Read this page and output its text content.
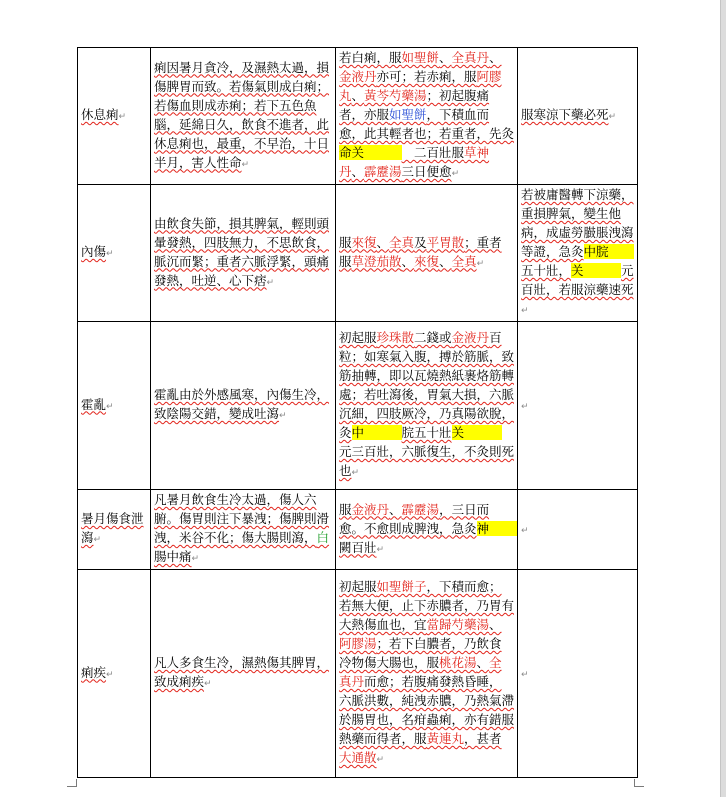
休息痢↵	痢因暑月貪冷，及濕熱太過，損傷脾胃而致。若傷氣則成白痢；若傷血則成赤痢；若下五色魚腦，延綿日久，飲食不進者，此休息痢也，最重，不早治，十日半月，害人性命↵	若白痢，服如聖餅、全真丹、金液丹亦可；若赤痢，服阿膠丸、黃芩芍藥湯；初起腹痛者，亦服如聖餅，下積血而愈，此其輕者也；若重者，先灸命关　　　 　二百壯服草神丹、霹靂湯三日便愈↵	服寒涼下藥必死↵
內傷↵	由飲食失節，損其脾氣，輕則頭暈發熱，四肢無力，不思飲食，脈沉而緊；重者六脈浮緊，頭痛發熱，吐逆、心下痞↵	服來復、全真及平胃散；重者服草澄茄散、來復、全真↵	若被庸醫轉下涼藥，重損脾氣，變生他病，成虛勞臌脹洩瀉等證，急灸中脘　　五十壯，关　　　 元百壯，若服涼藥速死↵
霍亂↵	霍亂由於外感風寒，內傷生冷，致陰陽交錯，變成吐瀉↵	初起服珍珠散二錢或金液丹百粒；如寒氣入腹，搏於筋脈，致筋抽轉，即以瓦燒熱紙裹烙筋轉處；若吐瀉後，胃氣大損，六脈沉細，四肢厥冷，乃真陽欲脫，灸中　　　 脘五十壯关　　　元三百壯，六脈復生，不灸則死也↵	↵
暑月傷食泄瀉↵	凡暑月飲食生冷太過，傷人六腑。傷胃則注下暴洩；傷脾則滑洩，米谷不化；傷大腸則瀉，白腸中痛↵	服金液丹、霹靂湯，三日而愈。不愈則成脾洩，急灸神　　　闕百壯↵	↵
痢疾↵	凡人多食生冷，濕熱傷其脾胃，致成痢疾↵	初起服如聖餅子，下積而愈；若無大便，止下赤膿者，乃胃有大熱傷血也，宜當歸芍藥湯、阿膠湯；若下白膿者，乃飲食冷物傷大腸也，服桃花湯、全真丹而愈；若腹痛發熱昏睡，六脈洪數，純洩赤膿，乃熱氣滯於腸胃也，名疳蟲痢，亦有錯服熱藥而得者，服黃連丸，甚者大通散↵	↵
